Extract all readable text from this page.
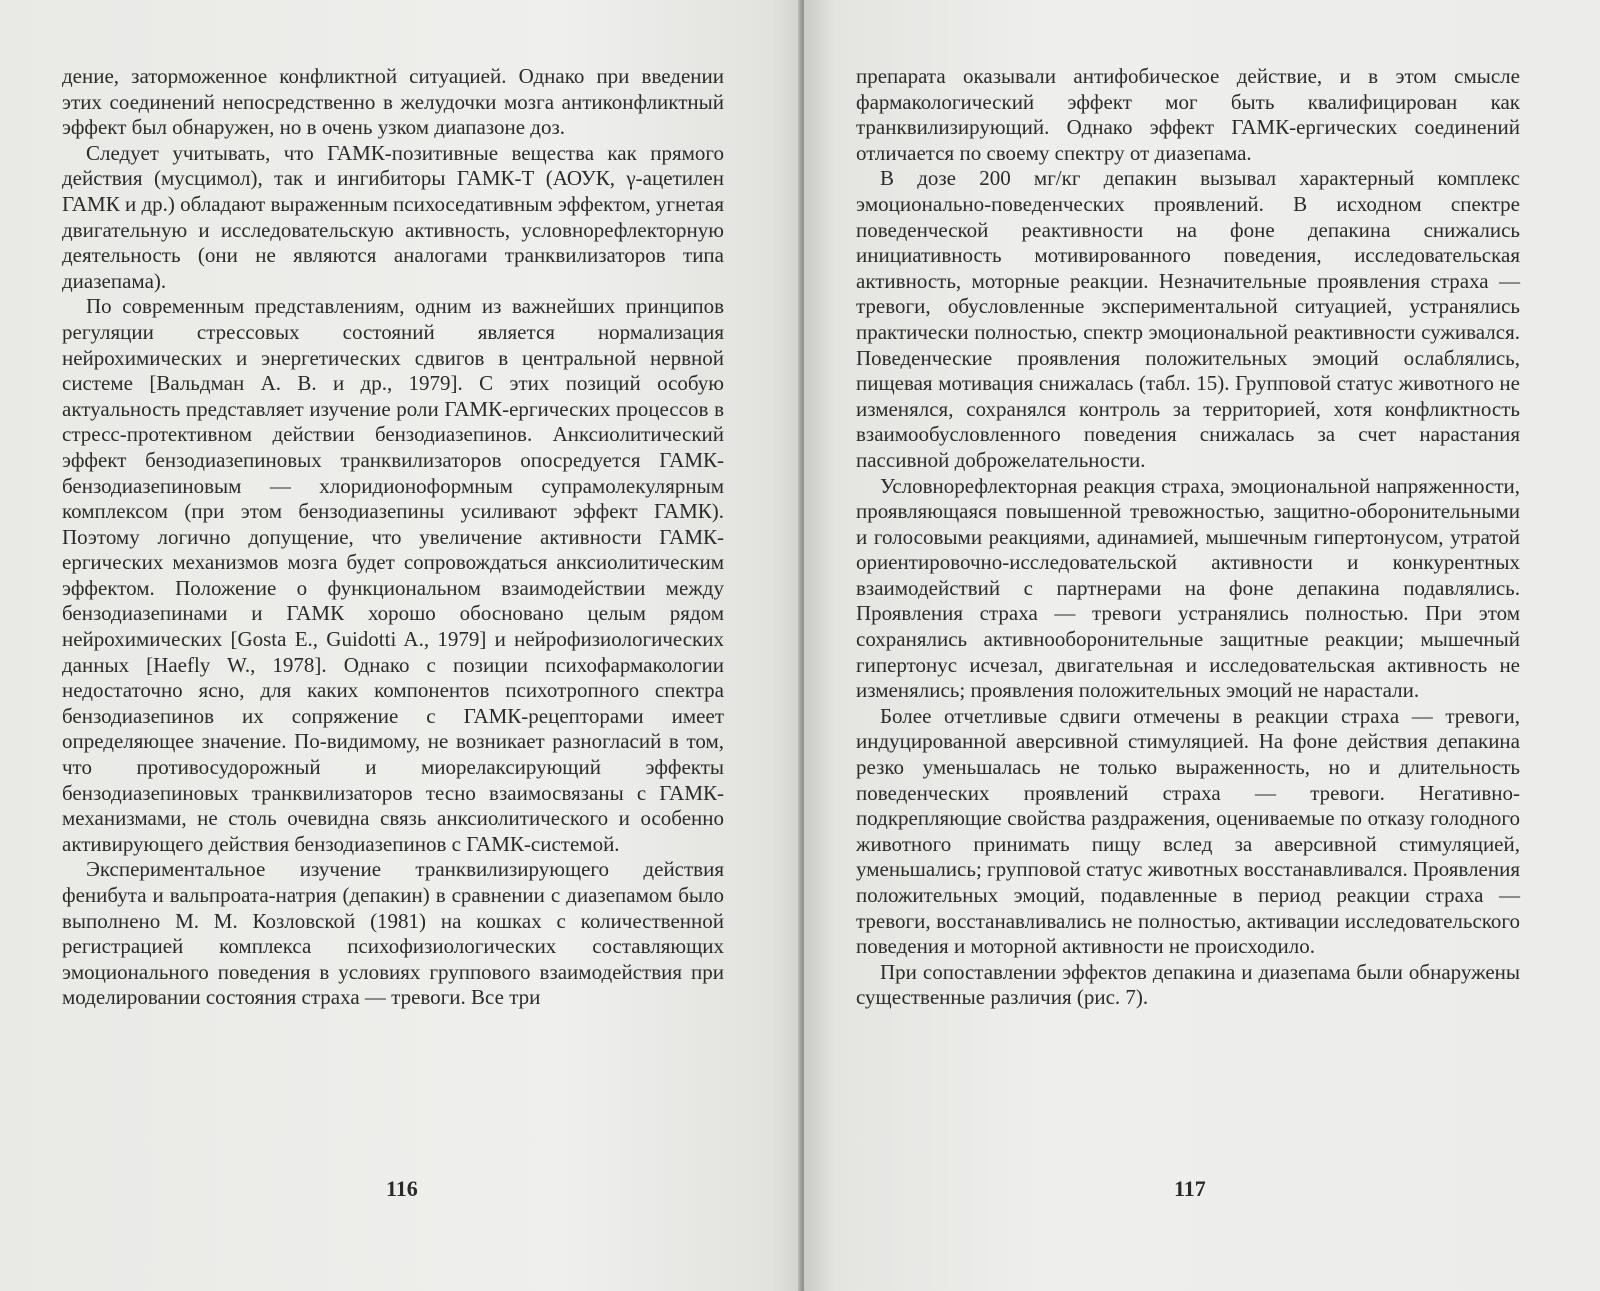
дение, заторможенное конфликтной ситуацией. Однако при введении этих соединений непосредственно в желудочки мозга антиконфликтный эффект был обнаружен, но в очень узком диапазоне доз.

Следует учитывать, что ГАМК-позитивные вещества как прямого действия (мусцимол), так и ингибиторы ГАМК-Т (АОУК, γ-ацетилен ГАМК и др.) обладают выраженным психоседативным эффектом, угнетая двигательную и исследовательскую активность, условнорефлекторную деятельность (они не являются аналогами транквилизаторов типа диазепама).

По современным представлениям, одним из важнейших принципов регуляции стрессовых состояний является нормализация нейрохимических и энергетических сдвигов в центральной нервной системе [Вальдман А. В. и др., 1979]. С этих позиций особую актуальность представляет изучение роли ГАМК-ергических процессов в стресс-протективном действии бензодиазепинов. Анксиолитический эффект бензодиазепиновых транквилизаторов опосредуется ГАМК-бензодиазепиновым — хлоридионоформным супрамолекулярным комплексом (при этом бензодиазепины усиливают эффект ГАМК). Поэтому логично допущение, что увеличение активности ГАМК-ергических механизмов мозга будет сопровождаться анксиолитическим эффектом. Положение о функциональном взаимодействии между бензодиазепинами и ГАМК хорошо обосновано целым рядом нейрохимических [Gosta E., Guidotti A., 1979] и нейрофизиологических данных [Haefly W., 1978]. Однако с позиции психофармакологии недостаточно ясно, для каких компонентов психотропного спектра бензодиазепинов их сопряжение с ГАМК-рецепторами имеет определяющее значение. По-видимому, не возникает разногласий в том, что противосудорожный и миорелаксирующий эффекты бензодиазепиновых транквилизаторов тесно взаимосвязаны с ГАМК-механизмами, не столь очевидна связь анксиолитического и особенно активирующего действия бензодиазепинов с ГАМК-системой.

Экспериментальное изучение транквилизирующего действия фенибута и вальпроата-натрия (депакин) в сравнении с диазепамом было выполнено М. М. Козловской (1981) на кошках с количественной регистрацией комплекса психофизиологических составляющих эмоционального поведения в условиях группового взаимодействия при моделировании состояния страха — тревоги. Все три

116

препарата оказывали антифобическое действие, и в этом смысле фармакологический эффект мог быть квалифицирован как транквилизирующий. Однако эффект ГАМК-ергических соединений отличается по своему спектру от диазепама.

В дозе 200 мг/кг депакин вызывал характерный комплекс эмоционально-поведенческих проявлений. В исходном спектре поведенческой реактивности на фоне депакина снижались инициативность мотивированного поведения, исследовательская активность, моторные реакции. Незначительные проявления страха — тревоги, обусловленные экспериментальной ситуацией, устранялись практически полностью, спектр эмоциональной реактивности суживался. Поведенческие проявления положительных эмоций ослаблялись, пищевая мотивация снижалась (табл. 15). Групповой статус животного не изменялся, сохранялся контроль за территорией, хотя конфликтность взаимообусловленного поведения снижалась за счет нарастания пассивной доброжелательности.

Условнорефлекторная реакция страха, эмоциональной напряженности, проявляющаяся повышенной тревожностью, защитно-оборонительными и голосовыми реакциями, адинамией, мышечным гипертонусом, утратой ориентировочно-исследовательской активности и конкурентных взаимодействий с партнерами на фоне депакина подавлялись. Проявления страха — тревоги устранялись полностью. При этом сохранялись активнооборонительные защитные реакции; мышечный гипертонус исчезал, двигательная и исследовательская активность не изменялись; проявления положительных эмоций не нарастали.

Более отчетливые сдвиги отмечены в реакции страха — тревоги, индуцированной аверсивной стимуляцией. На фоне действия депакина резко уменьшалась не только выраженность, но и длительность поведенческих проявлений страха — тревоги. Негативно-подкрепляющие свойства раздражения, оцениваемые по отказу голодного животного принимать пищу вслед за аверсивной стимуляцией, уменьшались; групповой статус животных восстанавливался. Проявления положительных эмоций, подавленные в период реакции страха — тревоги, восстанавливались не полностью, активации исследовательского поведения и моторной активности не происходило.

При сопоставлении эффектов депакина и диазепама были обнаружены существенные различия (рис. 7).

117
